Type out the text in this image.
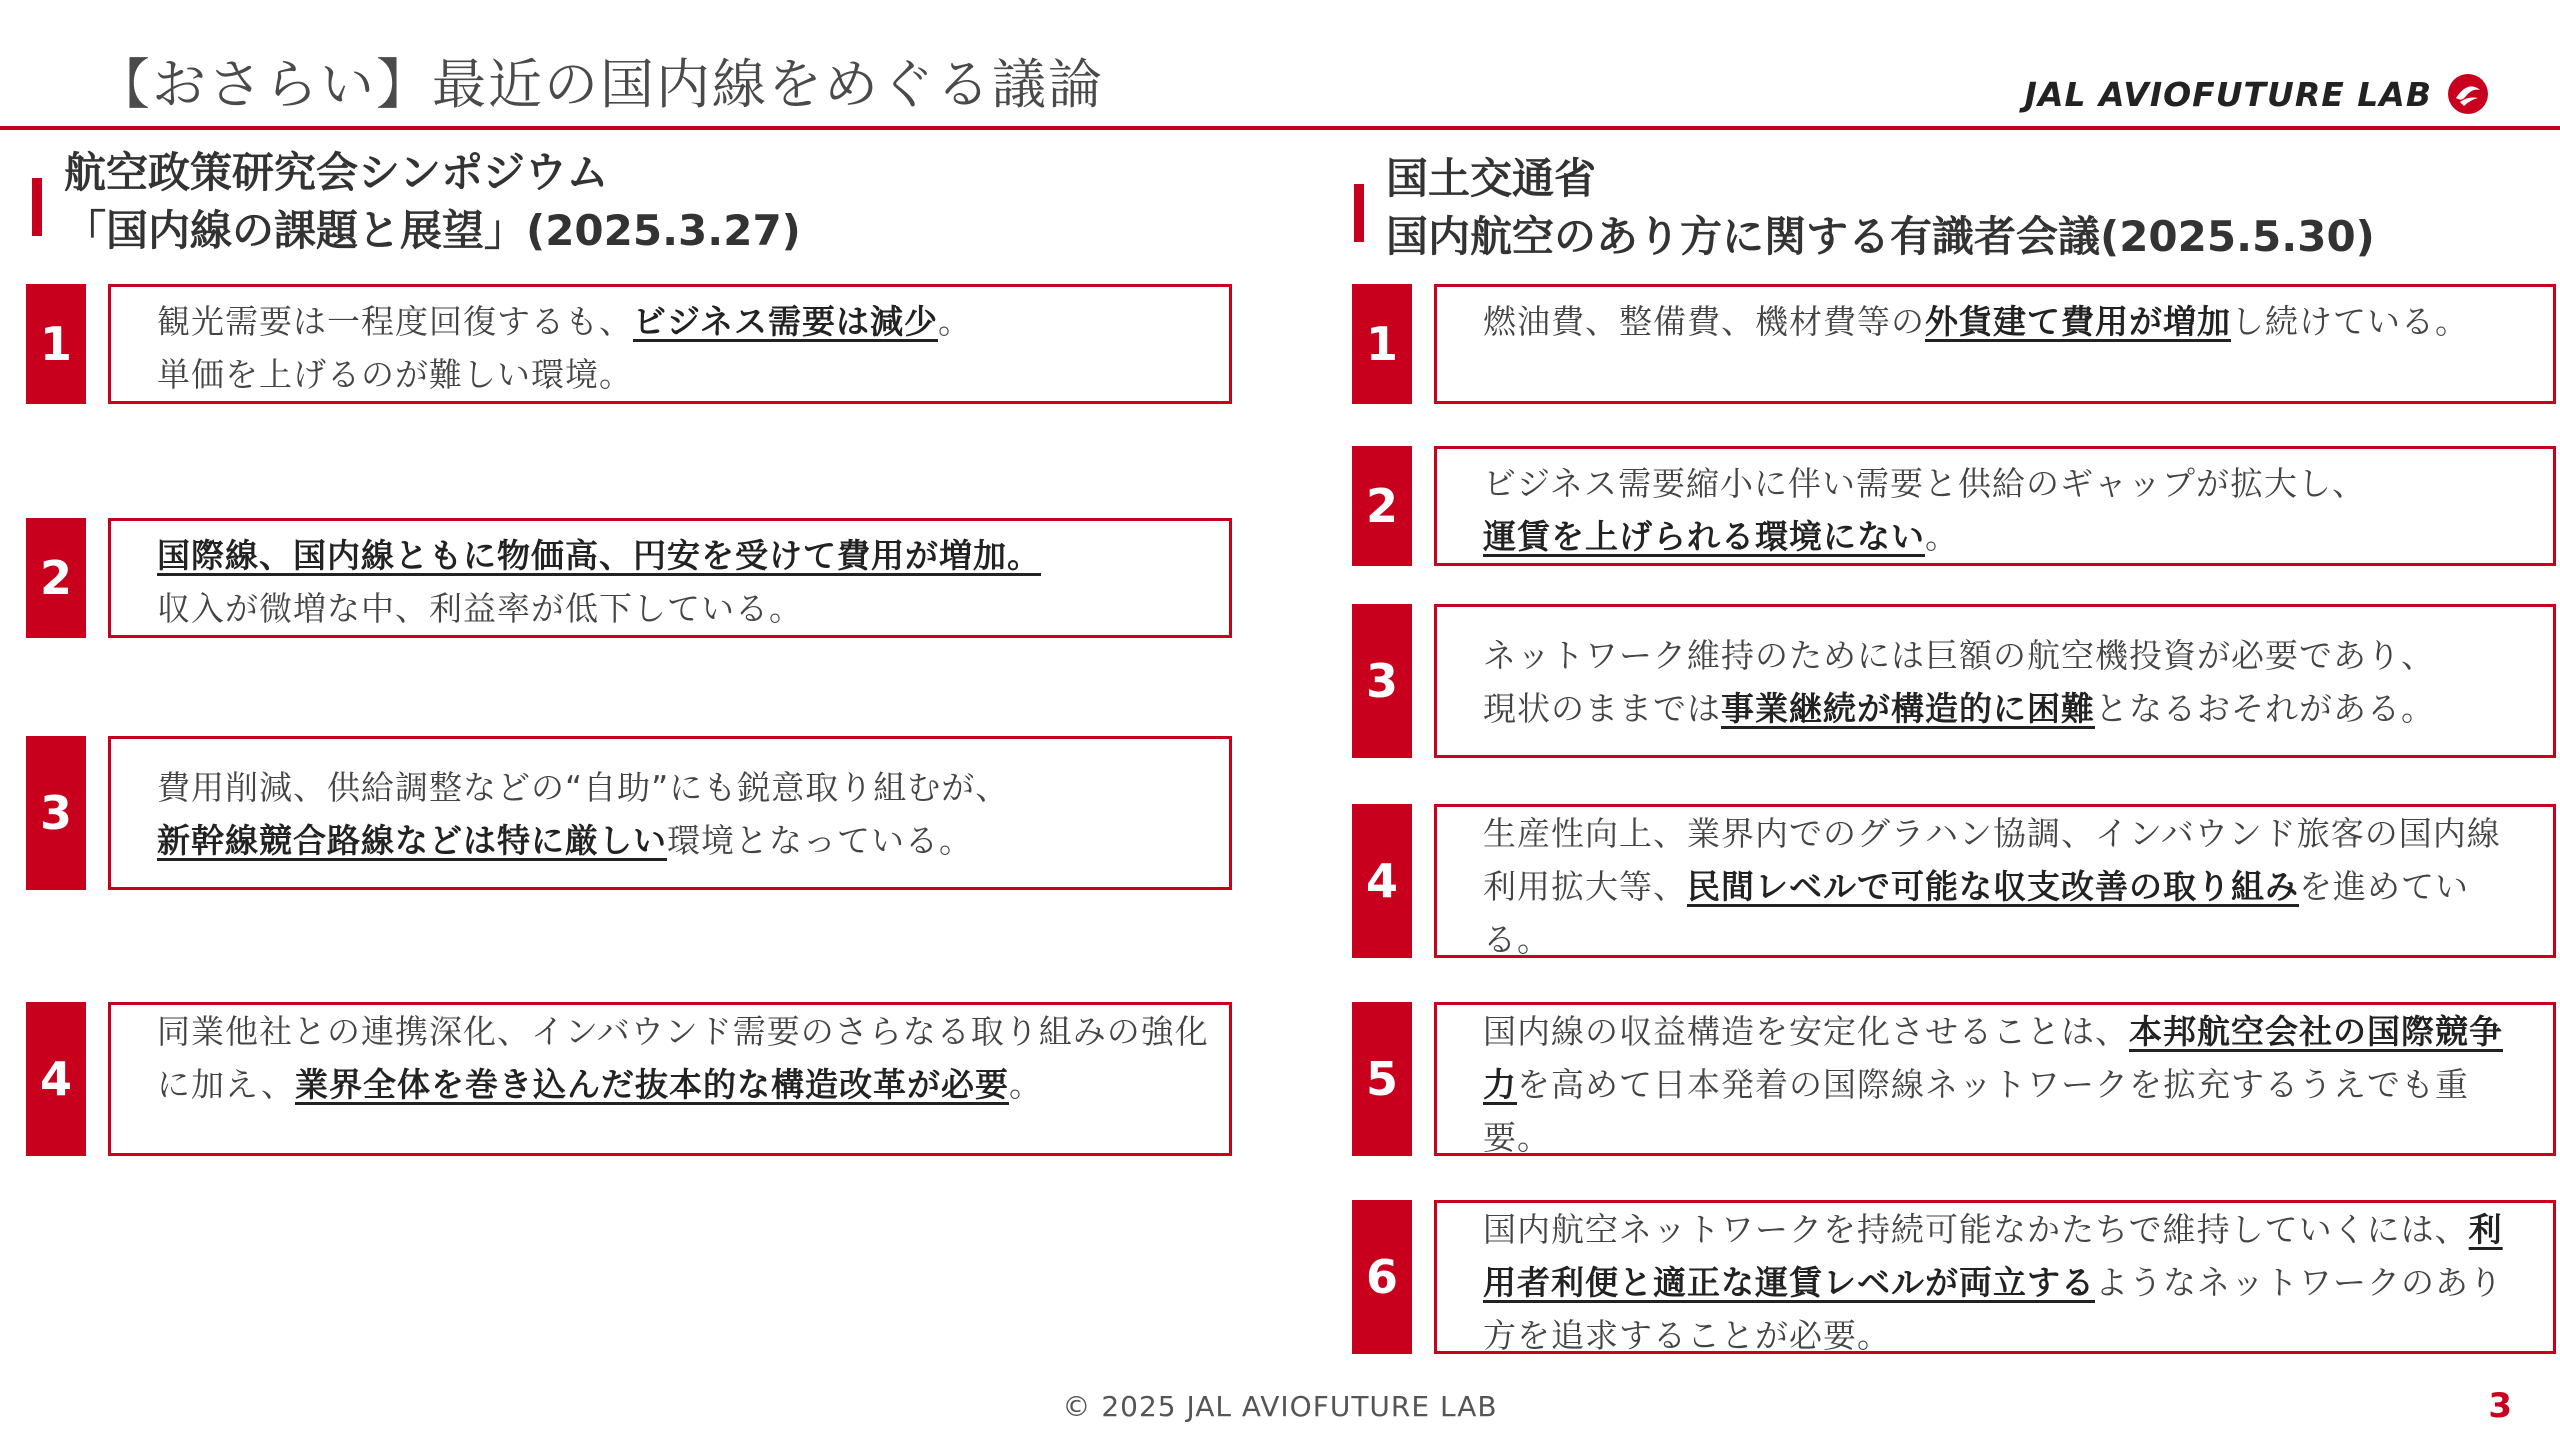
【おさらい】最近の国内線をめぐる議論	JAL AVIOFUTURE LAB
航空政策研究会シンポジウム
「国内線の課題と展望」(2025.3.27)
国土交通省
国内航空のあり方に関する有識者会議(2025.5.30)
1	観光需要は一程度回復するも、ビジネス需要は減少。
単価を上げるのが難しい環境。
2	国際線、国内線ともに物価高、円安を受けて費用が増加。
収入が微増な中、利益率が低下している。
3	費用削減、供給調整などの“自助”にも鋭意取り組むが、
新幹線競合路線などは特に厳しい環境となっている。
4
同業他社との連携深化、インバウンド需要のさらなる取り組みの強化に加え、業界全体を巻き込んだ抜本的な構造改革が必要。
1	燃油費、整備費、機材費等の外貨建て費用が増加し続けている。
2	ビジネス需要縮小に伴い需要と供給のギャップが拡大し、
運賃を上げられる環境にない。
3	ネットワーク維持のためには巨額の航空機投資が必要であり、
現状のままでは事業継続が構造的に困難となるおそれがある。
4
生産性向上、業界内でのグラハン協調、インバウンド旅客の国内線利用拡大等、民間レベルで可能な収支改善の取り組みを進めている。
5
国内線の収益構造を安定化させることは、本邦航空会社の国際競争力を高めて日本発着の国際線ネットワークを拡充するうえでも重要。
6
国内航空ネットワークを持続可能なかたちで維持していくには、利用者利便と適正な運賃レベルが両立するようなネットワークのあり方を追求することが必要。
© 2025 JAL AVIOFUTURE LAB	3
